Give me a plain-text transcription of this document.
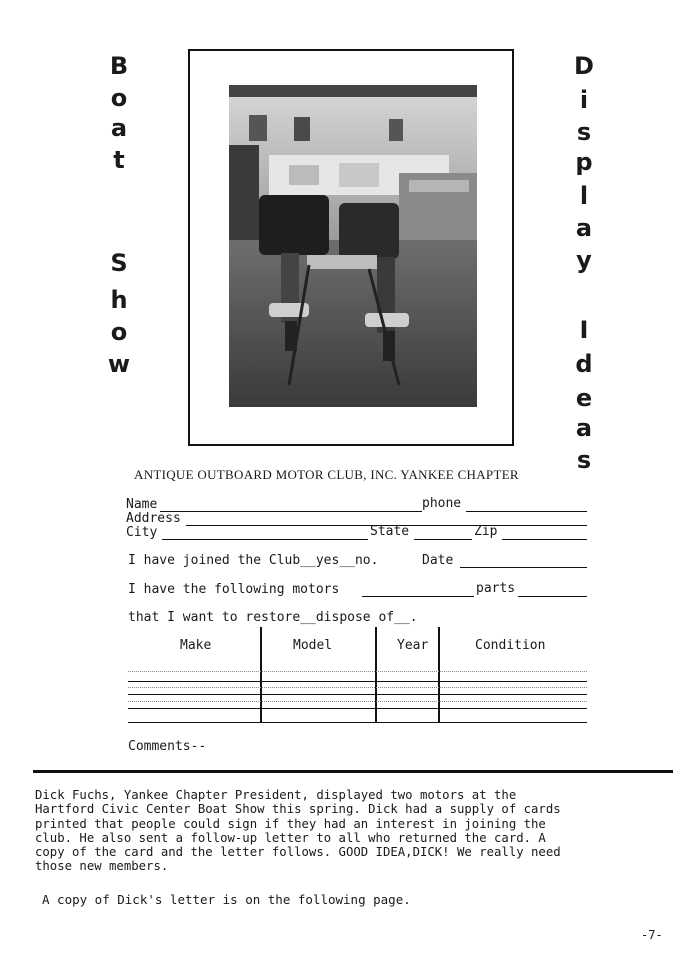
B
o
a
t
S
h
o
w
D
i
s
p
l
a
y
I
d
e
a
s
ANTIQUE OUTBOARD MOTOR CLUB, INC. YANKEE CHAPTER
Name	phone
Address
City	State	Zip
I have joined the Club__yes__no.	Date
I have the following motors	parts
that I want to restore__dispose of__.
Make	Model	Year	Condition
Comments--
Dick Fuchs, Yankee Chapter President, displayed two motors at the
Hartford Civic Center Boat Show this spring. Dick had a supply of cards
printed that people could sign if they had an interest in joining the
club. He also sent a follow-up letter to all who returned the card. A
copy of the card and the letter follows. GOOD IDEA,DICK! We really need
those new members.
A copy of Dick's letter is on the following page.
-7-
